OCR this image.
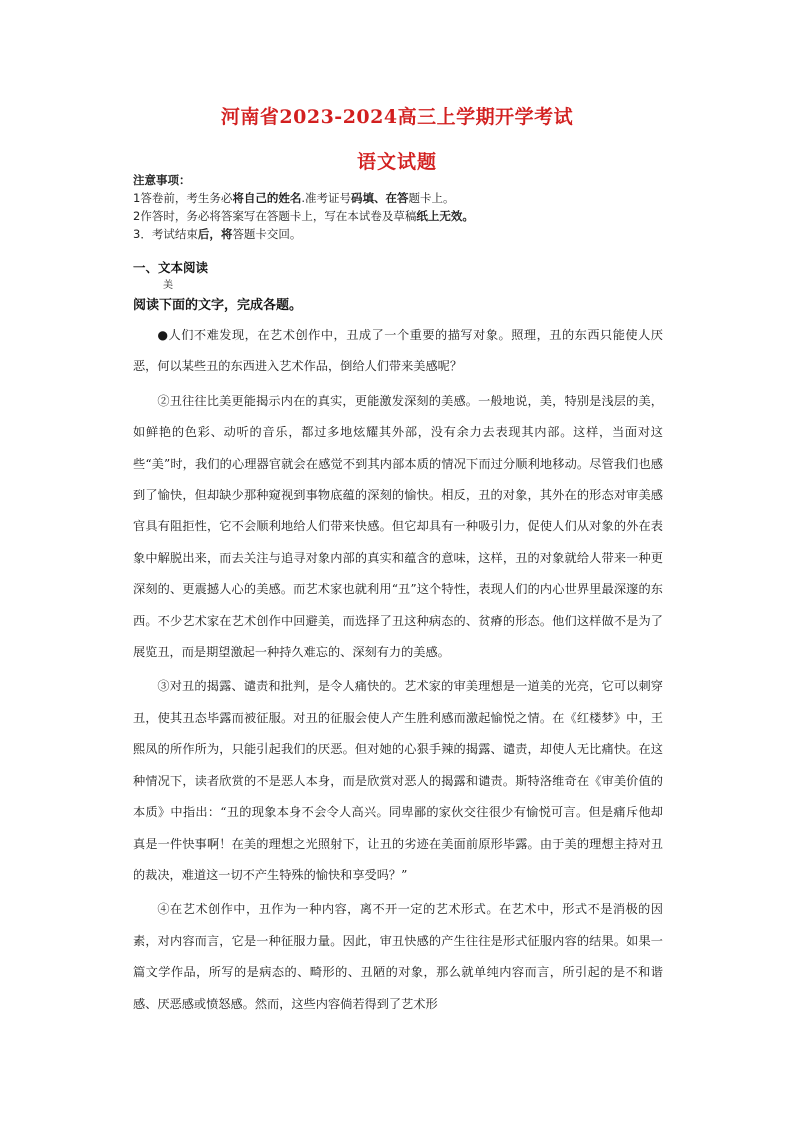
河南省2023-2024高三上学期开学考试
语文试题
注意事项：
1答卷前，考生务必将自己的姓名.准考证号码填、在答题卡上。
2作答时，务必将答案写在答题卡上，写在本试卷及草稿纸上无效。
3．考试结束后，将答题卡交回。
一、文本阅读
美
阅读下面的文字，完成各题。

●人们不难发现，在艺术创作中，丑成了一个重要的描写对象。照理，丑的东西只能使人厌恶，何以某些丑的东西进入艺术作品，倒给人们带来美感呢？

②丑往往比美更能揭示内在的真实，更能激发深刻的美感。一般地说，美，特别是浅层的美，如鲜艳的色彩、动听的音乐，都过多地炫耀其外部，没有余力去表现其内部。这样，当面对这些“美”时，我们的心理器官就会在感觉不到其内部本质的情况下而过分顺利地移动。尽管我们也感到了愉快，但却缺少那种窥视到事物底蕴的深刻的愉快。相反，丑的对象，其外在的形态对审美感官具有阻拒性，它不会顺利地给人们带来快感。但它却具有一种吸引力，促使人们从对象的外在表象中解脱出来，而去关注与追寻对象内部的真实和蕴含的意味，这样，丑的对象就给人带来一种更深刻的、更震撼人心的美感。而艺术家也就利用“丑”这个特性，表现人们的内心世界里最深邃的东西。不少艺术家在艺术创作中回避美，而选择了丑这种病态的、贫瘠的形态。他们这样做不是为了展览丑，而是期望激起一种持久难忘的、深刻有力的美感。

③对丑的揭露、谴责和批判，是令人痛快的。艺术家的审美理想是一道美的光亮，它可以刺穿丑，使其丑态毕露而被征服。对丑的征服会使人产生胜利感而激起愉悦之情。在《红楼梦》中，王熙凤的所作所为，只能引起我们的厌恶。但对她的心狠手辣的揭露、谴责，却使人无比痛快。在这种情况下，读者欣赏的不是恶人本身，而是欣赏对恶人的揭露和谴责。斯特洛维奇在《审美价值的本质》中指出：“丑的现象本身不会令人高兴。同卑鄙的家伙交往很少有愉悦可言。但是痛斥他却真是一件快事啊！在美的理想之光照射下，让丑的劣迹在美面前原形毕露。由于美的理想主持对丑的裁决，难道这一切不产生特殊的愉快和享受吗？”

④在艺术创作中，丑作为一种内容，离不开一定的艺术形式。在艺术中，形式不是消极的因素，对内容而言，它是一种征服力量。因此，审丑快感的产生往往是形式征服内容的结果。如果一篇文学作品，所写的是病态的、畸形的、丑陋的对象，那么就单纯内容而言，所引起的是不和谐感、厌恶感或愤怒感。然而，这些内容倘若得到了艺术形
